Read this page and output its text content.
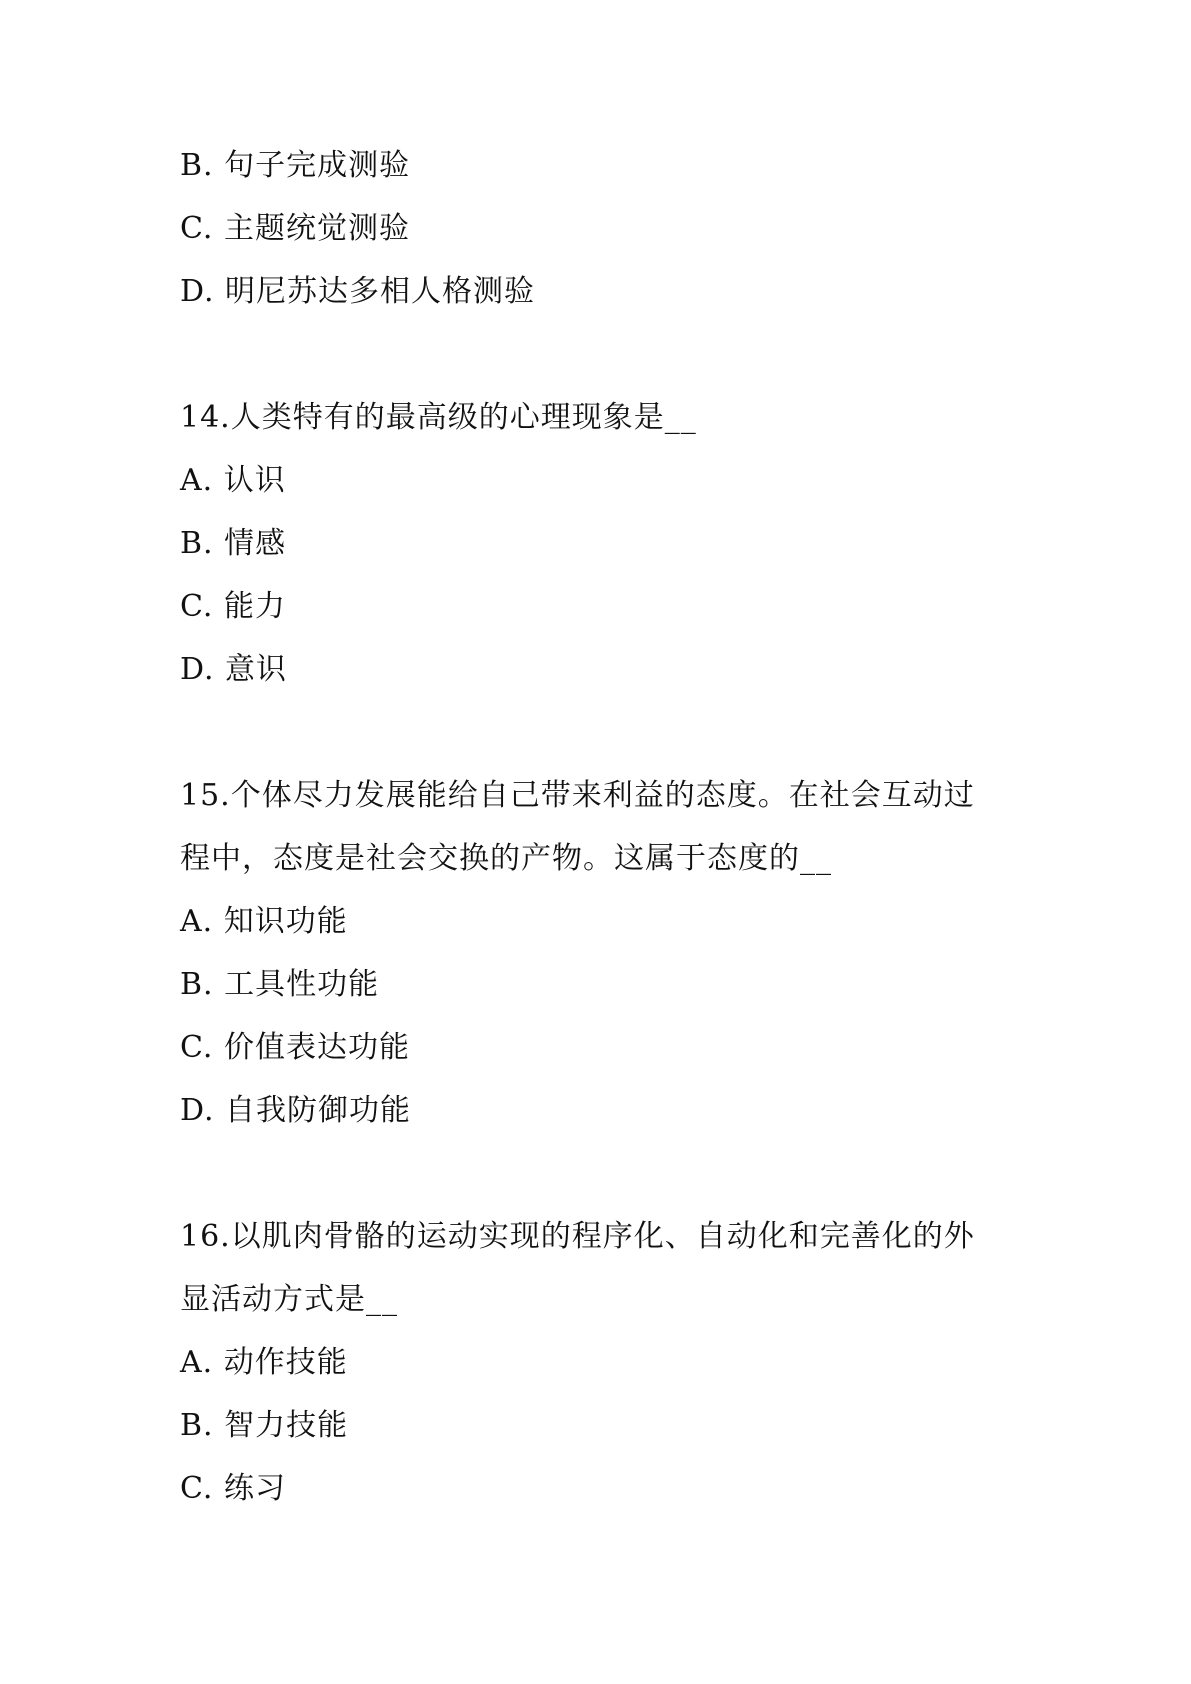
B. 句子完成测验
C. 主题统觉测验
D. 明尼苏达多相人格测验
14.人类特有的最高级的心理现象是__
A. 认识
B. 情感
C. 能力
D. 意识
15.个体尽力发展能给自己带来利益的态度。在社会互动过
程中，态度是社会交换的产物。这属于态度的__
A. 知识功能
B. 工具性功能
C. 价值表达功能
D. 自我防御功能
16.以肌肉骨骼的运动实现的程序化、自动化和完善化的外
显活动方式是__
A. 动作技能
B. 智力技能
C. 练习
